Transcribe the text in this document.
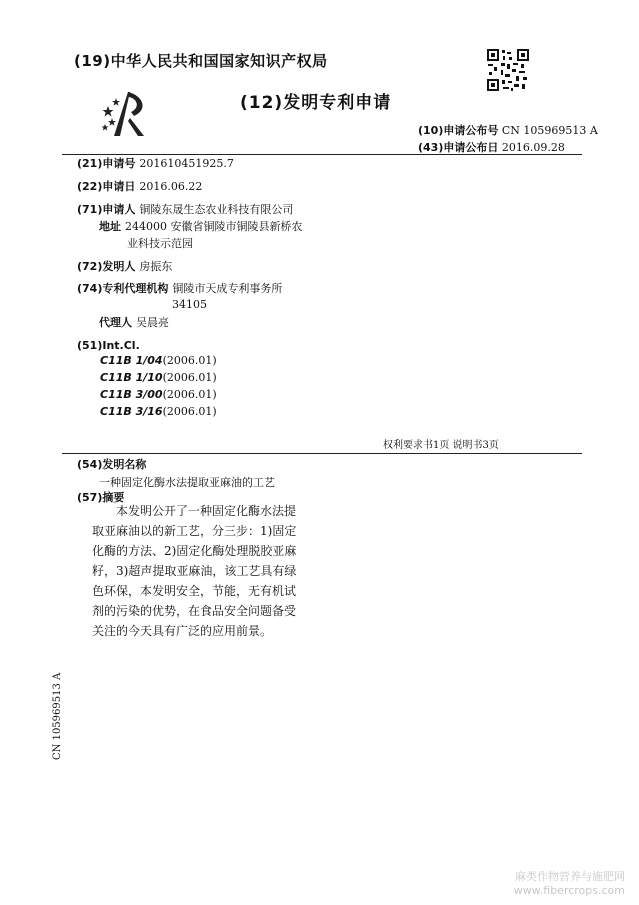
(19)中华人民共和国国家知识产权局
(12)发明专利申请
(10)申请公布号 CN 105969513 A
(43)申请公布日 2016.09.28
(21)申请号 201610451925.7
(22)申请日 2016.06.22
(71)申请人 铜陵东晟生态农业科技有限公司
地址 244000 安徽省铜陵市铜陵县新桥农
业科技示范园
(72)发明人 房振东
(74)专利代理机构 铜陵市天成专利事务所
34105
代理人 吴晨亮
(51)Int.Cl.
C11B 1/04(2006.01)
C11B 1/10(2006.01)
C11B 3/00(2006.01)
C11B 3/16(2006.01)
权利要求书1页 说明书3页
(54)发明名称
一种固定化酶水法提取亚麻油的工艺
(57)摘要
本发明公开了一种固定化酶水法提取亚麻油以的新工艺，分三步：1)固定化酶的方法、2)固定化酶处理脱胶亚麻籽，3)超声提取亚麻油，该工艺具有绿色环保，本发明安全，节能，无有机试剂的污染的优势，在食品安全问题备受关注的今天具有广泛的应用前景。
CN 105969513 A
麻类作物营养与施肥网
www.fibercrops.com
